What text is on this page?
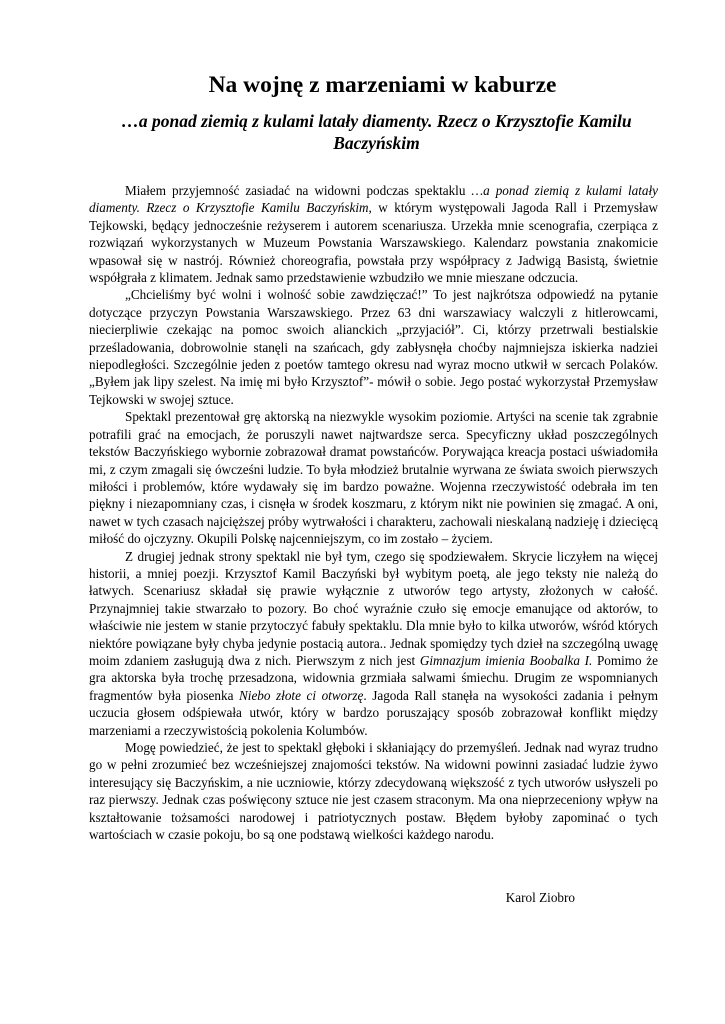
Na wojnę z marzeniami w kaburze
…a ponad ziemią z kulami latały diamenty. Rzecz o Krzysztofie Kamilu Baczyńskim

Miałem przyjemność zasiadać na widowni podczas spektaklu …a ponad ziemią z kulami latały diamenty. Rzecz o Krzysztofie Kamilu Baczyńskim, w którym występowali Jagoda Rall i Przemysław Tejkowski, będący jednocześnie reżyserem i autorem scenariusza. Urzekła mnie scenografia, czerpiąca z rozwiązań wykorzystanych w Muzeum Powstania Warszawskiego. Kalendarz powstania znakomicie wpasował się w nastrój. Również choreografia, powstała przy współpracy z Jadwigą Basistą, świetnie współgrała z klimatem. Jednak samo przedstawienie wzbudziło we mnie mieszane odczucia.

„Chcieliśmy być wolni i wolność sobie zawdzięczać!” To jest najkrótsza odpowiedź na pytanie dotyczące przyczyn Powstania Warszawskiego. Przez 63 dni warszawiacy walczyli z hitlerowcami, niecierpliwie czekając na pomoc swoich alianckich „przyjaciół”. Ci, którzy przetrwali bestialskie prześladowania, dobrowolnie stanęli na szańcach, gdy zabłysnęła choćby najmniejsza iskierka nadziei niepodległości. Szczególnie jeden z poetów tamtego okresu nad wyraz mocno utkwił w sercach Polaków. „Byłem jak lipy szelest. Na imię mi było Krzysztof”- mówił o sobie. Jego postać wykorzystał Przemysław Tejkowski w swojej sztuce.

Spektakl prezentował grę aktorską na niezwykle wysokim poziomie. Artyści na scenie tak zgrabnie potrafili grać na emocjach, że poruszyli nawet najtwardsze serca. Specyficzny układ poszczególnych tekstów Baczyńskiego wybornie zobrazował dramat powstańców. Porywająca kreacja postaci uświadomiła mi, z czym zmagali się ówcześni ludzie. To była młodzież brutalnie wyrwana ze świata swoich pierwszych miłości i problemów, które wydawały się im bardzo poważne. Wojenna rzeczywistość odebrała im ten piękny i niezapomniany czas, i cisnęła w środek koszmaru, z którym nikt nie powinien się zmagać. A oni, nawet w tych czasach najcięższej próby wytrwałości i charakteru, zachowali nieskalaną nadzieję i dziecięcą miłość do ojczyzny. Okupili Polskę najcenniejszym, co im zostało – życiem.

Z drugiej jednak strony spektakl nie był tym, czego się spodziewałem. Skrycie liczyłem na więcej historii, a mniej poezji. Krzysztof Kamil Baczyński był wybitym poetą, ale jego teksty nie należą do łatwych. Scenariusz składał się prawie wyłącznie z utworów tego artysty, złożonych w całość. Przynajmniej takie stwarzało to pozory. Bo choć wyraźnie czuło się emocje emanujące od aktorów, to właściwie nie jestem w stanie przytoczyć fabuły spektaklu. Dla mnie było to kilka utworów, wśród których niektóre powiązane były chyba jedynie postacią autora.. Jednak spomiędzy tych dzieł na szczególną uwagę moim zdaniem zasługują dwa z nich. Pierwszym z nich jest Gimnazjum imienia Boobalka I. Pomimo że gra aktorska była trochę przesadzona, widownia grzmiała salwami śmiechu. Drugim ze wspomnianych fragmentów była piosenka Niebo złote ci otworzę. Jagoda Rall stanęła na wysokości zadania i pełnym uczucia głosem odśpiewała utwór, który w bardzo poruszający sposób zobrazował konflikt między marzeniami a rzeczywistością pokolenia Kolumbów.

Mogę powiedzieć, że jest to spektakl głęboki i skłaniający do przemyśleń. Jednak nad wyraz trudno go w pełni zrozumieć bez wcześniejszej znajomości tekstów. Na widowni powinni zasiadać ludzie żywo interesujący się Baczyńskim, a nie uczniowie, którzy zdecydowaną większość z tych utworów usłyszeli po raz pierwszy. Jednak czas poświęcony sztuce nie jest czasem straconym. Ma ona nieprzeceniony wpływ na kształtowanie tożsamości narodowej i patriotycznych postaw. Błędem byłoby zapominać o tych wartościach w czasie pokoju, bo są one podstawą wielkości każdego narodu.

Karol Ziobro
